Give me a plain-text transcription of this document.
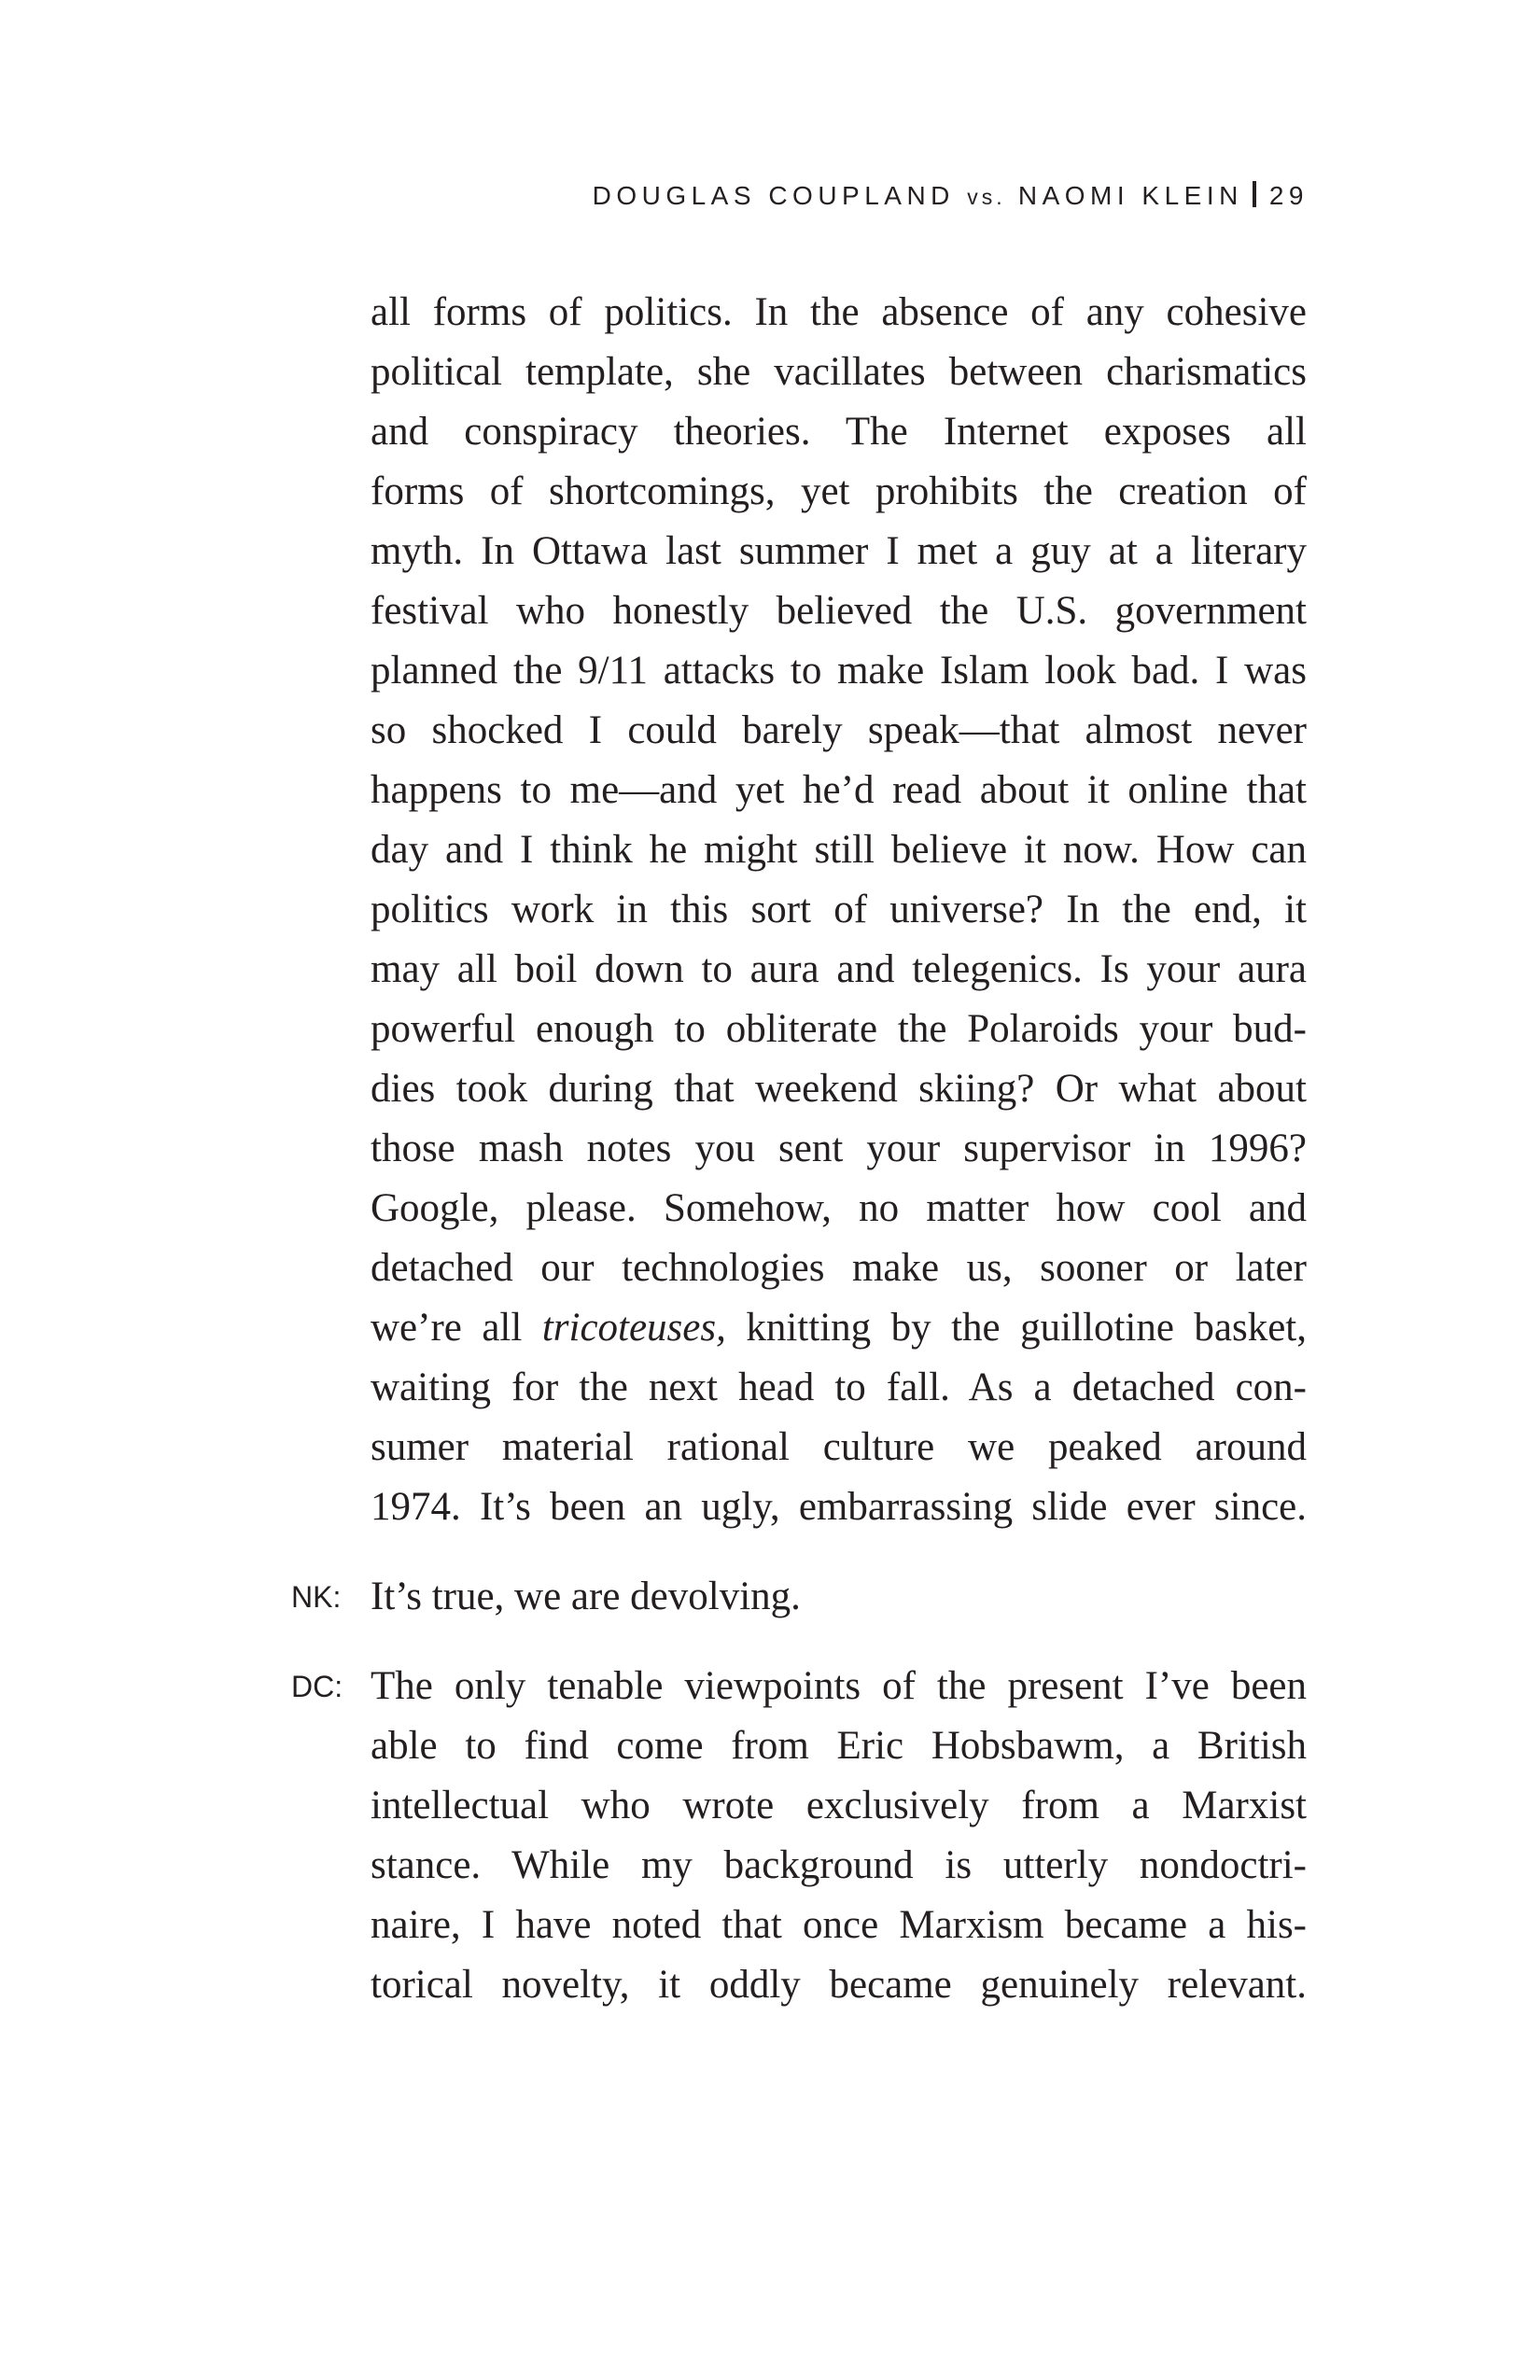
DOUGLAS COUPLAND vs. NAOMI KLEIN 29
all forms of politics. In the absence of any cohesive
political template, she vacillates between charismatics
and conspiracy theories. The Internet exposes all
forms of shortcomings, yet prohibits the creation of
myth. In Ottawa last summer I met a guy at a literary
festival who honestly believed the U.S. government
planned the 9/11 attacks to make Islam look bad. I was
so shocked I could barely speak—that almost never
happens to me—and yet he’d read about it online that
day and I think he might still believe it now. How can
politics work in this sort of universe? In the end, it
may all boil down to aura and telegenics. Is your aura
powerful enough to obliterate the Polaroids your bud-
dies took during that weekend skiing? Or what about
those mash notes you sent your supervisor in 1996?
Google, please. Somehow, no matter how cool and
detached our technologies make us, sooner or later
we’re all tricoteuses, knitting by the guillotine basket,
waiting for the next head to fall. As a detached con-
sumer material rational culture we peaked around
1974. It’s been an ugly, embarrassing slide ever since.
NK: It’s true, we are devolving.
DC: The only tenable viewpoints of the present I’ve been
able to find come from Eric Hobsbawm, a British
intellectual who wrote exclusively from a Marxist
stance. While my background is utterly nondoctri-
naire, I have noted that once Marxism became a his-
torical novelty, it oddly became genuinely relevant.
